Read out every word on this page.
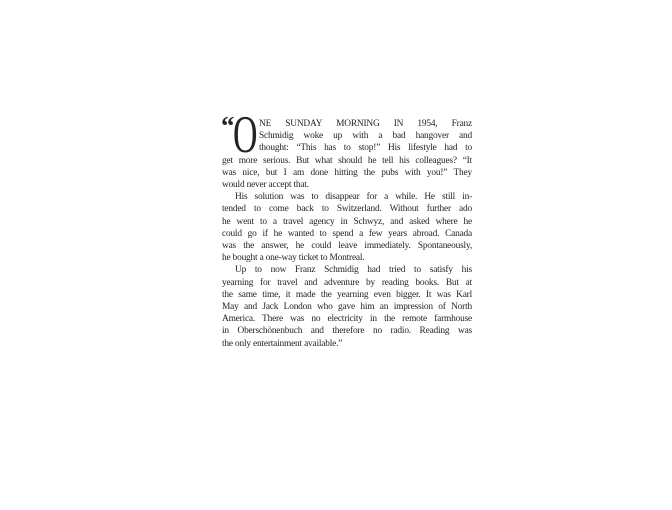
“
O NE SUNDAY MORNING IN 1954, Franz
Schmidig woke up with a bad hangover and
thought: “This has to stop!” His lifestyle had to
get more serious. But what should he tell his colleagues? “It
was nice, but I am done hitting the pubs with you!” They
would never accept that.
His solution was to disappear for a while. He still in-
tended to come back to Switzerland. Without further ado
he went to a travel agency in Schwyz, and asked where he
could go if he wanted to spend a few years abroad. Canada
was the answer, he could leave immediately. Spontaneously,
he bought a one-way ticket to Montreal.
Up to now Franz Schmidig had tried to satisfy his
yearning for travel and adventure by reading books. But at
the same time, it made the yearning even bigger. It was Karl
May and Jack London who gave him an impression of North
America. There was no electricity in the remote farmhouse
in Oberschönenbuch and therefore no radio. Reading was
the only entertainment available.”
